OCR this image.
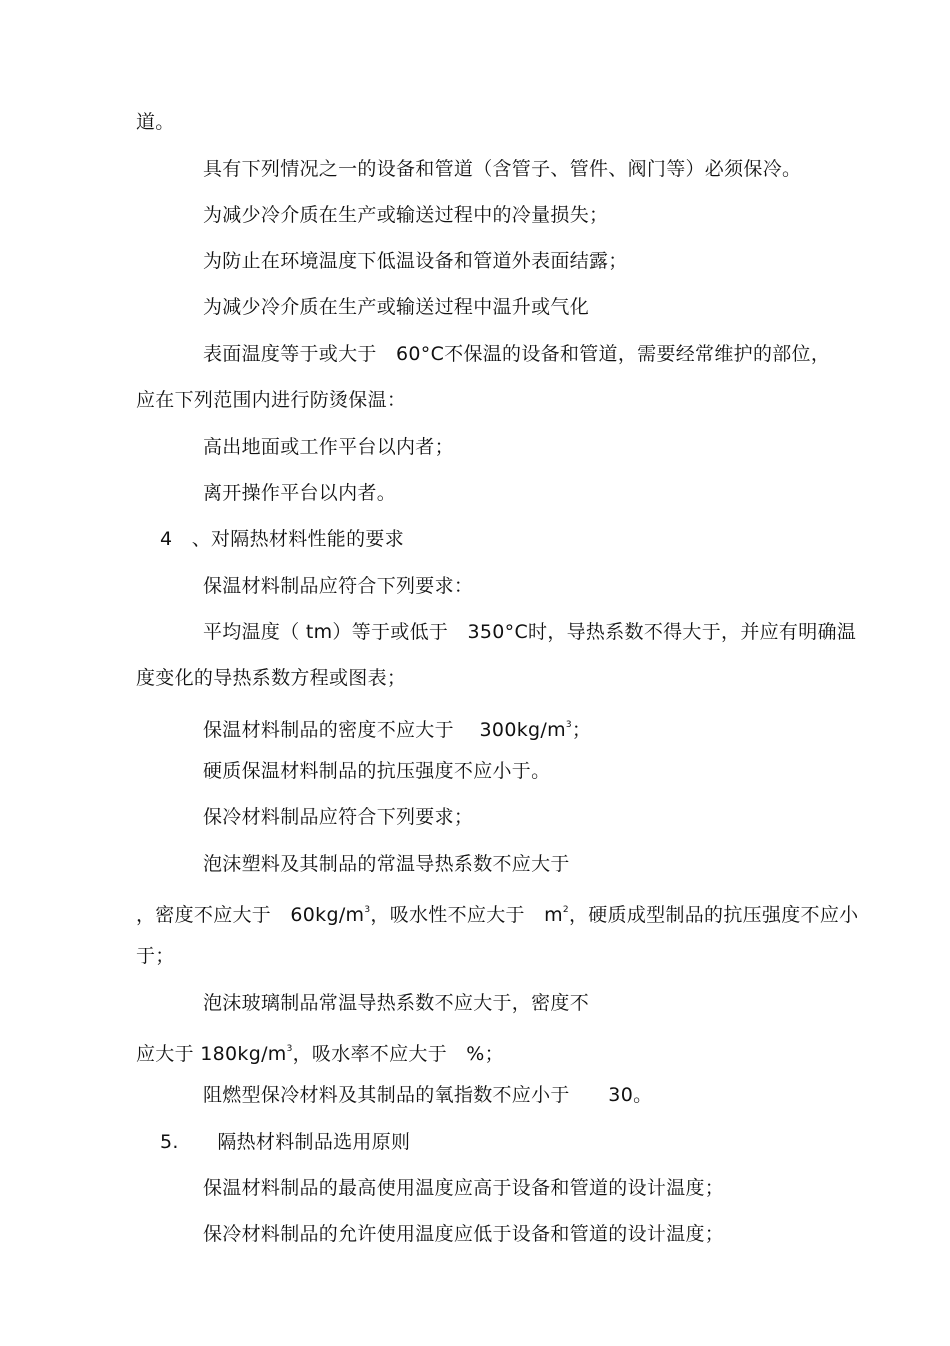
道。
具有下列情况之一的设备和管道（含管子、管件、阀门等）必须保冷。
为减少冷介质在生产或输送过程中的冷量损失；
为防止在环境温度下低温设备和管道外表面结露；
为减少冷介质在生产或输送过程中温升或气化
表面温度等于或大于　60°C不保温的设备和管道，需要经常维护的部位，
应在下列范围内进行防烫保温：
高出地面或工作平台以内者；
离开操作平台以内者。
4　、对隔热材料性能的要求
保温材料制品应符合下列要求：
平均温度（ tm）等于或低于　350°C时，导热系数不得大于，并应有明确温
度变化的导热系数方程或图表；
保温材料制品的密度不应大于　 $300kg/m^3$；
硬质保温材料制品的抗压强度不应小于。
保冷材料制品应符合下列要求；
泡沫塑料及其制品的常温导热系数不应大于
，密度不应大于　$60kg/m^3$，吸水性不应大于　$m^2$，硬质成型制品的抗压强度不应小
于；
泡沫玻璃制品常温导热系数不应大于，密度不
应大于 $180kg/m^3$，吸水率不应大于　%；
阻燃型保冷材料及其制品的氧指数不应小于　　30。
5.　　隔热材料制品选用原则
保温材料制品的最高使用温度应高于设备和管道的设计温度；
保冷材料制品的允许使用温度应低于设备和管道的设计温度；
